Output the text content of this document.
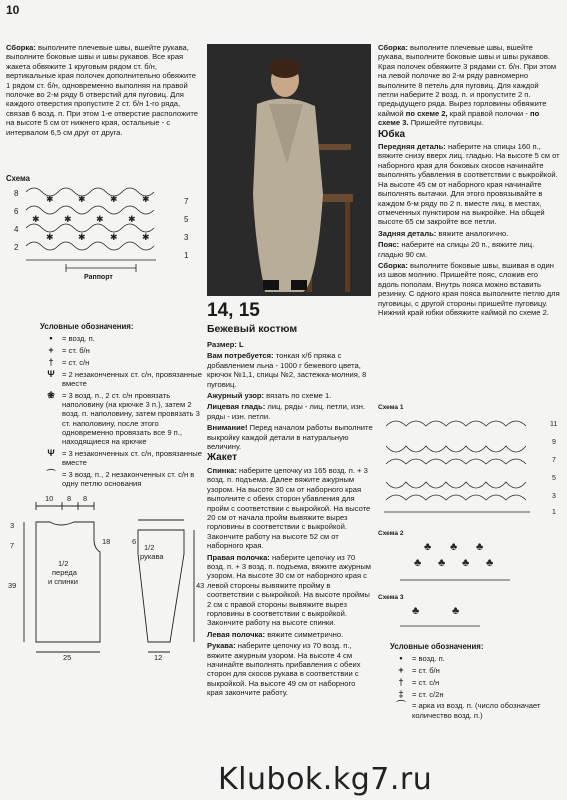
10

Сборка: выполните плечевые швы, вшейте рукава, выполните боковые швы и швы рукавов. Все края жакета обвяжите 1 круговым рядом ст. б/н, вертикальные края полочек дополнительно обвяжите 1 рядом ст. б/н, одновременно выполняя на правой полочке во 2-м ряду 6 отверстий для пуговиц. Для каждого отверстия пропустите 2 ст. б/н 1-го ряда, связав 6 возд. п. При этом 1-е отверстие расположите на высоте 5 см от нижнего края, остальные - с интервалом 6,5 см друг от друга.

Схема
8
6
4
2
7
5
3
1
✱	✱	✱	✱
✱	✱	✱	✱
✱	✱	✱	✱
Раппорт
Условные обозначения:
•	= возд. п.
+	= ст. б/н
†	= ст. с/н
Ψ = 2 незаконченных ст. с/н, провязанные вместе
❀ = 3 возд. п., 2 ст. с/н провязать наполовину (на крючке 3 п.), затем 2 возд. п. наполовину, затем провязать 3 ст. наполовину, после этого одновременно провязать все 9 п., находящиеся на крючке
Ψ = 3 незаконченных ст. с/н, провязанные вместе
⌒ = 3 возд. п., 2 незаконченных ст. с/н в одну петлю основания
10 8 8
3
7
39
25
18	6
43
12
1/2
переда
и спинки
1/2
рукава
14, 15
Бежевый костюм

Размер: L

Вам потребуется: тонкая х/б пряжа с добавлением льна - 1000 г бежевого цвета, крючок №1,1, спицы №2, застежка-молния, 8 пуговиц.

Ажурный узор: вязать по схеме 1.

Лицевая гладь: лиц. ряды - лиц. петли, изн. ряды - изн. петли.

Внимание! Перед началом работы выполните выкройку каждой детали в натуральную величину.

Жакет

Спинка: наберите цепочку из 165 возд. п. + 3 возд. п. подъема. Далее вяжите ажурным узором. На высоте 30 см от наборного края выполните с обеих сторон убавления для пройм с соответствии с выкройкой. На высоте 20 см от начала пройм вывяжите вырез горловины в соответствии с выкройкой. Закончите работу на высоте 52 см от наборного края.

Правая полочка: наберите цепочку из 70 возд. п. + 3 возд. п. подъема, вяжите ажурным узором. На высоте 30 см от наборного края с левой стороны вывяжите пройму в соответствии с выкройкой. На высоте проймы 2 см с правой стороны вывяжите вырез горловины в соответствии с выкройкой. Закончите работу на высоте спинки.

Левая полочка: вяжите симметрично.

Рукава: наберите цепочку из 70 возд. п., вяжите ажурным узором. На высоте 4 см начинайте выполнять прибавления с обеих сторон для скосов рукава в соответствии с выкройкой. На высоте 49 см от наборного края закончите работу.

Сборка: выполните плечевые швы, вшейте рукава, выполните боковые швы и швы рукавов. Края полочек обвяжите 3 рядами ст. б/н. При этом на левой полочке во 2-м ряду равномерно выполните 8 петель для пуговиц. Для каждой петли наберите 2 возд. п. и пропустите 2 п. предыдущего ряда. Вырез горловины обвяжите каймой по схеме 2, край правой полочки - по схеме 3. Пришейте пуговицы.

Юбка

Передняя деталь: наберите на спицы 160 п., вяжите снизу вверх лиц. гладью. На высоте 5 см от наборного края для боковых скосов начинайте выполнять убавления в соответствии с выкройкой. На высоте 45 см от наборного края начинайте выполнять вытачки. Для этого провязывайте в каждом 6-м ряду по 2 п. вместе лиц. в местах, отмеченных пунктиром на выкройке. На общей высоте 65 см закройте все петли.

Задняя деталь: вяжите аналогично.

Пояс: наберите на спицы 20 п., вяжите лиц. гладью 90 см.

Сборка: выполните боковые швы, вшивая в один из швов молнию. Пришейте пояс, сложив его вдоль пополам. Внутрь пояса можно вставить резинку. С одного края пояса выполните петлю для пуговицы, с другой стороны пришейте пуговицу. Нижний край юбки обвяжите каймой по схеме 2.

Схема 1
11
9
7
5
3
1
Схема 2
♣ ♣ ♣
♣ ♣ ♣ ♣
Схема 3
♣	♣
Условные обозначения:
•	= возд. п.
+	= ст. б/н
†	= ст. с/н
‡	= ст. с/2н
⌒ = арка из возд. п. (число обозначает количество возд. п.)
Klubok.kg7.ru
